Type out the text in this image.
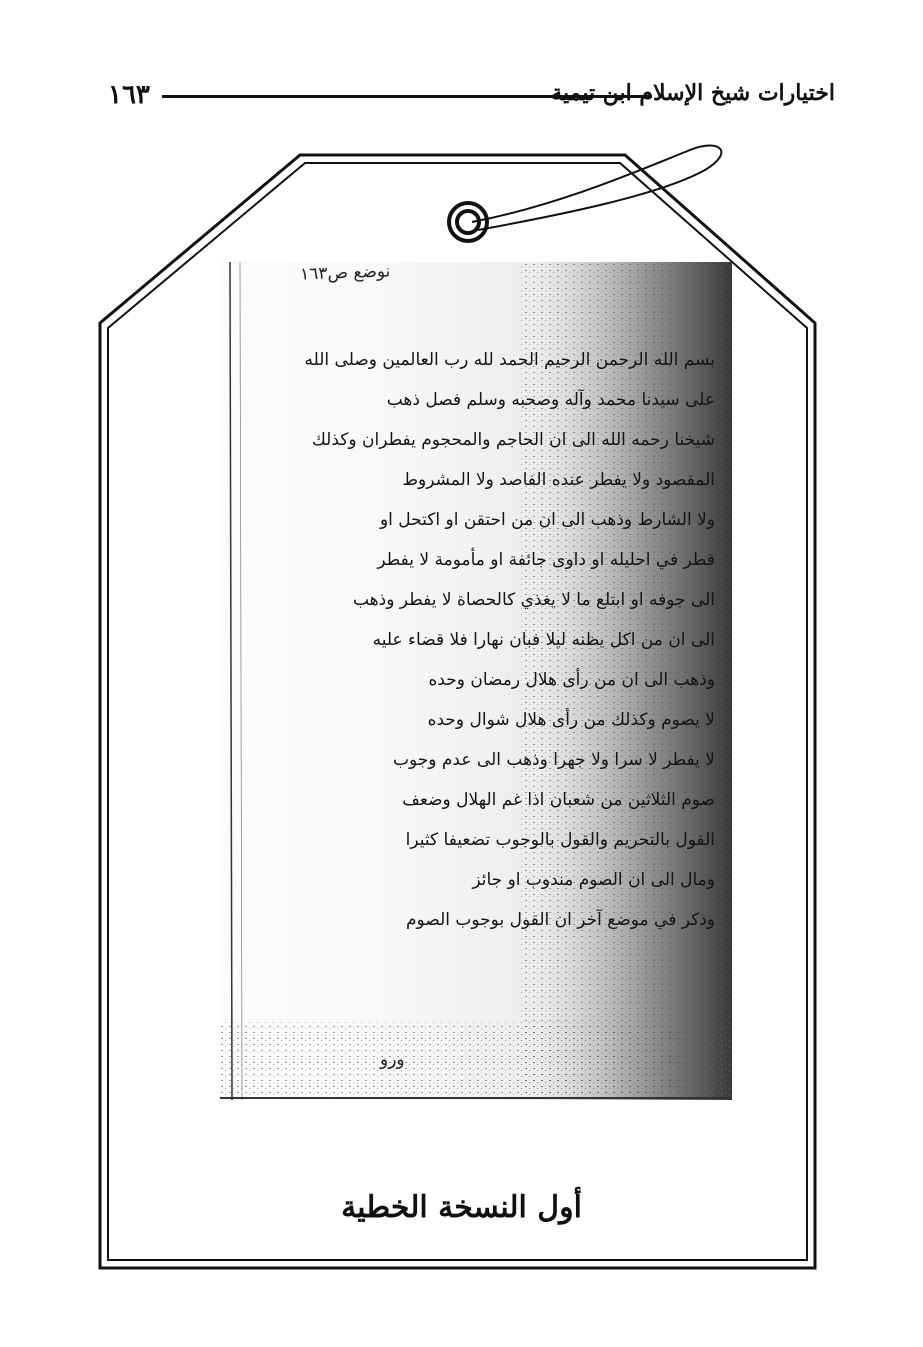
١٦٣	اختيارات شيخ الإسلام ابن تيمية
نوضع ص١٦٣
بسم الله الرحمن الرحيم الحمد لله رب العالمين وصلى الله
على سيدنا محمد وآله وصحبه وسلم فصل ذهب
شيخنا رحمه الله الى ان الحاجم والمحجوم يفطران وكذلك
المقصود ولا يفطر عنده الفاصد ولا المشروط
ولا الشارط وذهب الى ان من احتقن او اكتحل او
قطر في احليله او داوى جائفة او مأمومة لا يفطر
الى جوفه او ابتلع ما لا يغذي كالحصاة لا يفطر وذهب
الى ان من اكل يظنه ليلا فبان نهارا فلا قضاء عليه
وذهب الى ان من رأى هلال رمضان وحده
لا يصوم وكذلك من رأى هلال شوال وحده
لا يفطر لا سرا ولا جهرا وذهب الى عدم وجوب
صوم الثلاثين من شعبان اذا غم الهلال وضعف
القول بالتحريم والقول بالوجوب تضعيفا كثيرا
ومال الى ان الصوم مندوب او جائز
وذكر في موضع آخر ان القول بوجوب الصوم
ورو
أول النسخة الخطية
